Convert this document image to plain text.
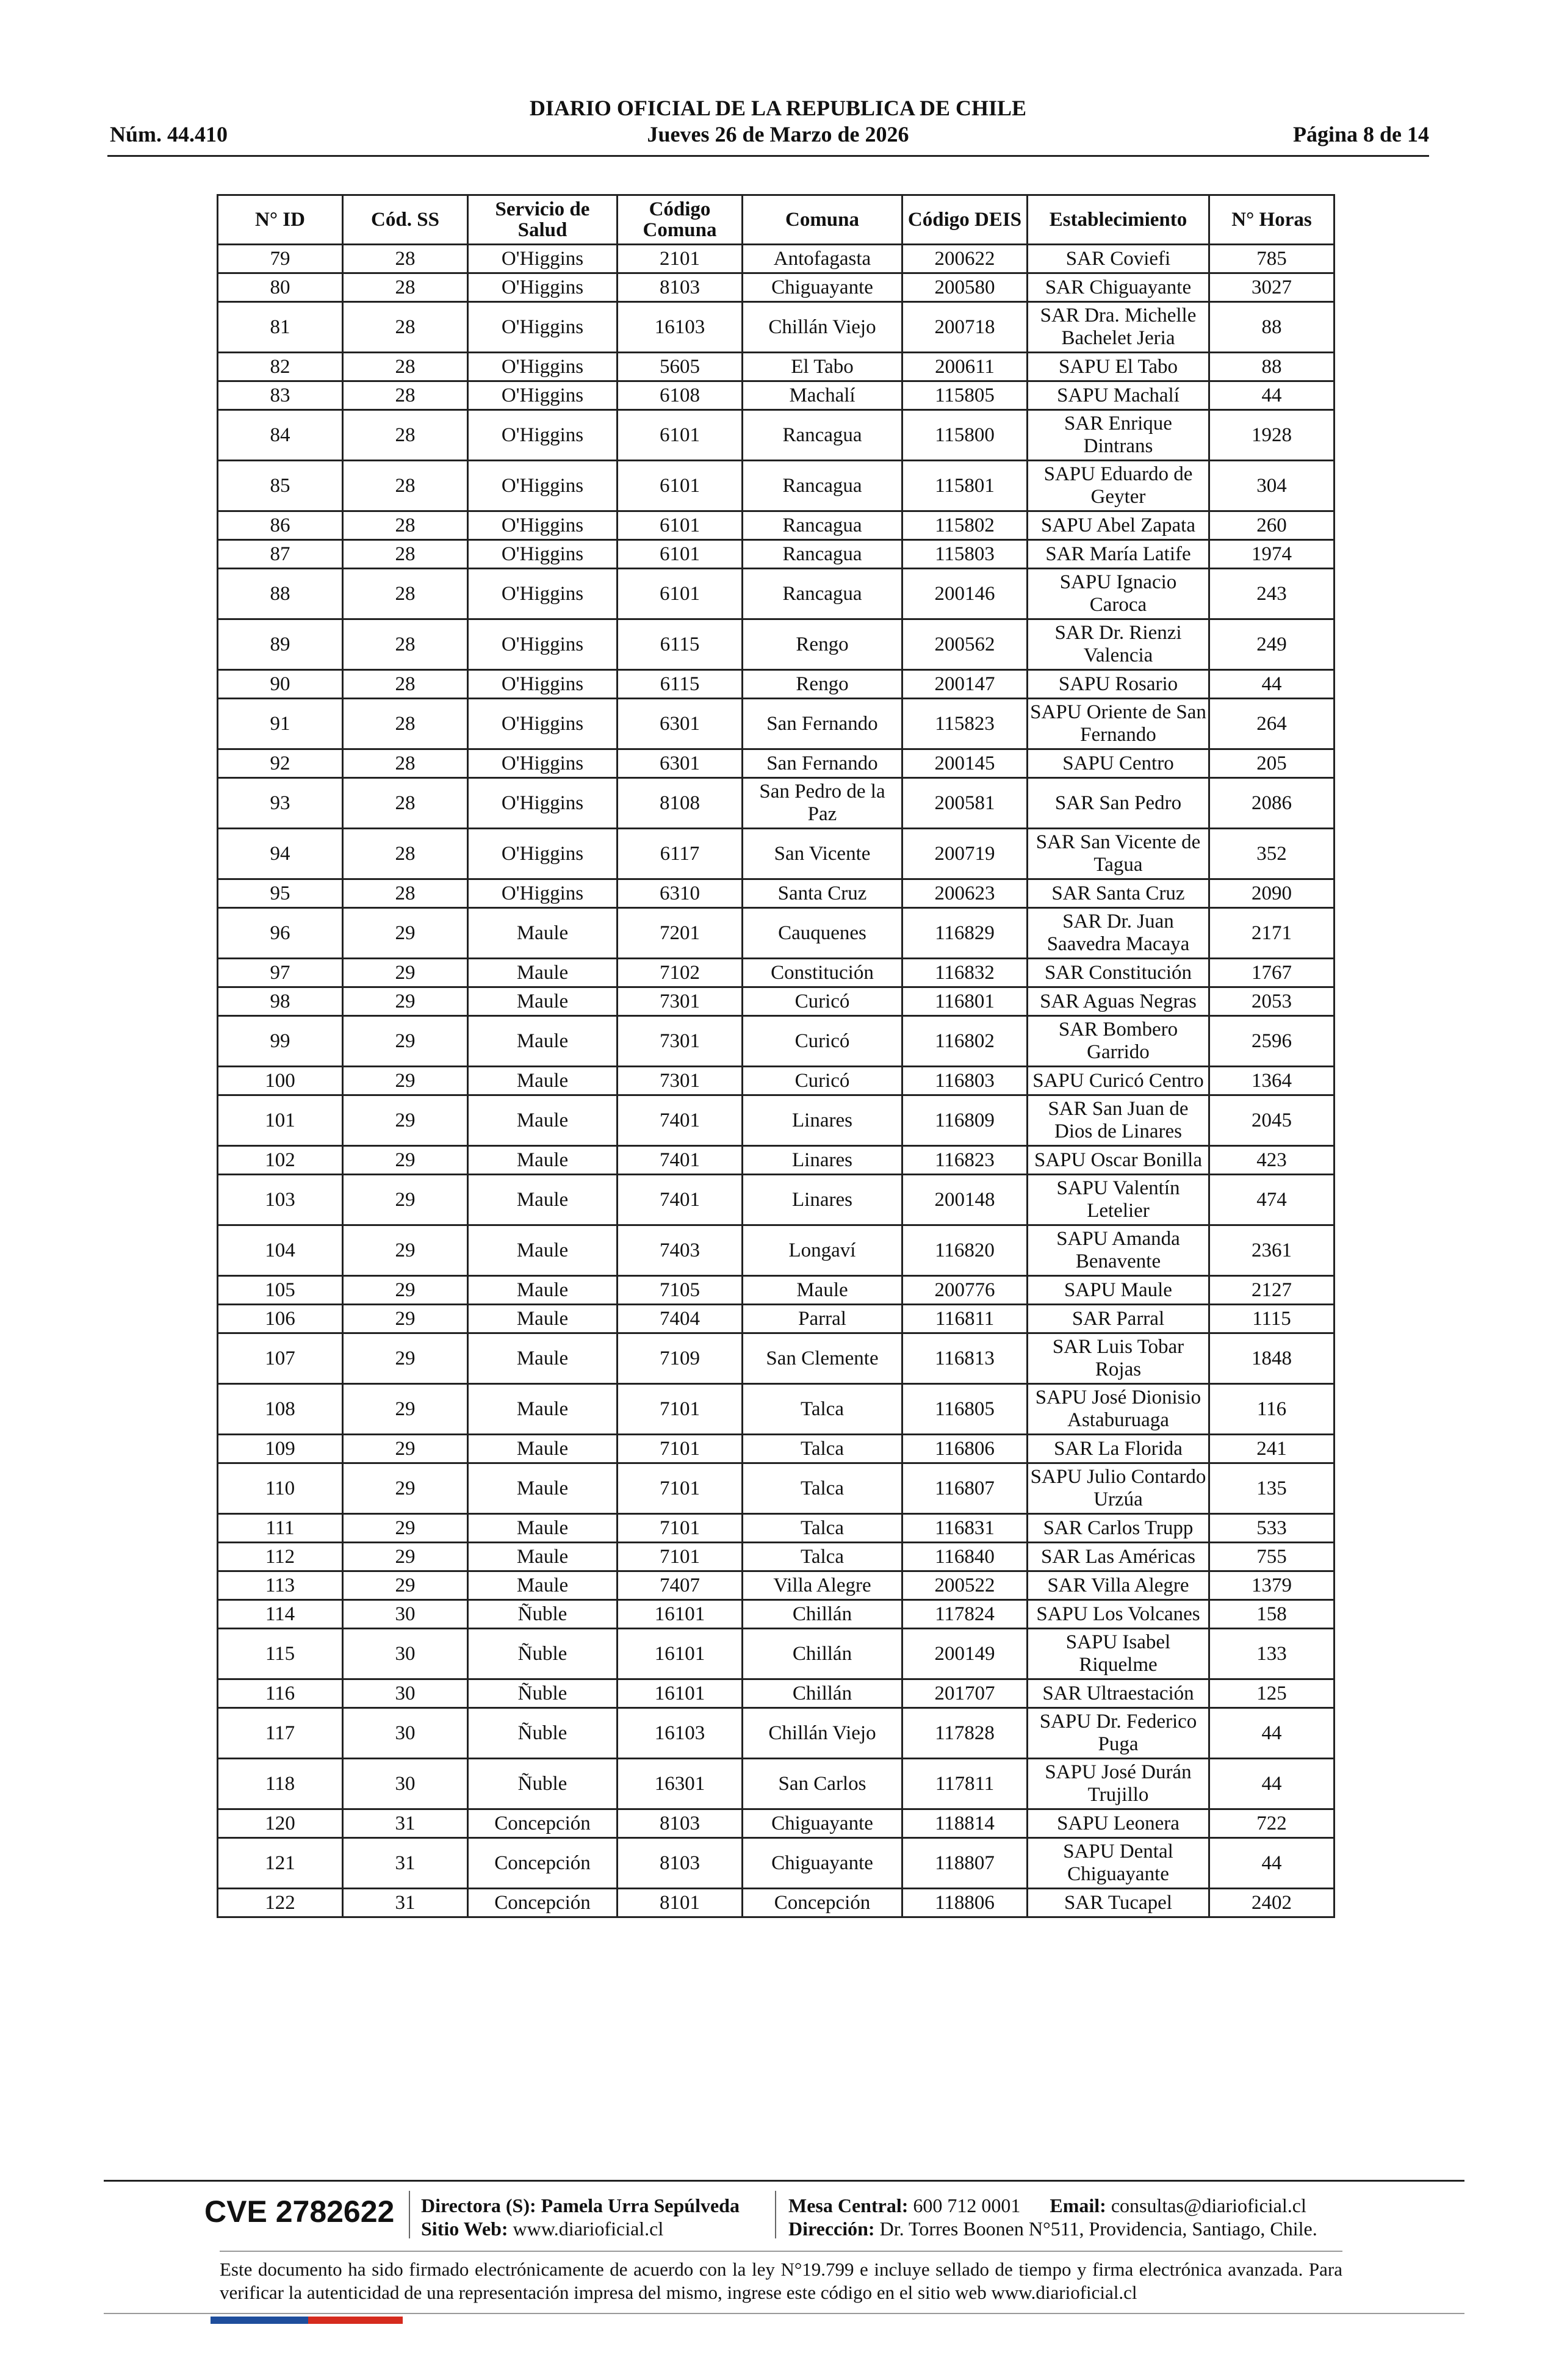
DIARIO OFICIAL DE LA REPUBLICA DE CHILE
Núm. 44.410	Jueves 26 de Marzo de 2026	Página 8 de 14
N° ID	Cód. SS	Servicio de Salud	Código Comuna	Comuna	Código DEIS	Establecimiento	N° Horas
79	28	O'Higgins	2101	Antofagasta	200622	SAR Coviefi	785
80	28	O'Higgins	8103	Chiguayante	200580	SAR Chiguayante	3027
81	28	O'Higgins	16103	Chillán Viejo	200718	SAR Dra. Michelle Bachelet Jeria	88
82	28	O'Higgins	5605	El Tabo	200611	SAPU El Tabo	88
83	28	O'Higgins	6108	Machalí	115805	SAPU Machalí	44
84	28	O'Higgins	6101	Rancagua	115800	SAR Enrique Dintrans	1928
85	28	O'Higgins	6101	Rancagua	115801	SAPU Eduardo de Geyter	304
86	28	O'Higgins	6101	Rancagua	115802	SAPU Abel Zapata	260
87	28	O'Higgins	6101	Rancagua	115803	SAR María Latife	1974
88	28	O'Higgins	6101	Rancagua	200146	SAPU Ignacio Caroca	243
89	28	O'Higgins	6115	Rengo	200562	SAR Dr. Rienzi Valencia	249
90	28	O'Higgins	6115	Rengo	200147	SAPU Rosario	44
91	28	O'Higgins	6301	San Fernando	115823	SAPU Oriente de San Fernando	264
92	28	O'Higgins	6301	San Fernando	200145	SAPU Centro	205
93	28	O'Higgins	8108	San Pedro de la Paz	200581	SAR San Pedro	2086
94	28	O'Higgins	6117	San Vicente	200719	SAR San Vicente de Tagua	352
95	28	O'Higgins	6310	Santa Cruz	200623	SAR Santa Cruz	2090
96	29	Maule	7201	Cauquenes	116829	SAR Dr. Juan Saavedra Macaya	2171
97	29	Maule	7102	Constitución	116832	SAR Constitución	1767
98	29	Maule	7301	Curicó	116801	SAR Aguas Negras	2053
99	29	Maule	7301	Curicó	116802	SAR Bombero Garrido	2596
100	29	Maule	7301	Curicó	116803	SAPU Curicó Centro	1364
101	29	Maule	7401	Linares	116809	SAR San Juan de Dios de Linares	2045
102	29	Maule	7401	Linares	116823	SAPU Oscar Bonilla	423
103	29	Maule	7401	Linares	200148	SAPU Valentín Letelier	474
104	29	Maule	7403	Longaví	116820	SAPU Amanda Benavente	2361
105	29	Maule	7105	Maule	200776	SAPU Maule	2127
106	29	Maule	7404	Parral	116811	SAR Parral	1115
107	29	Maule	7109	San Clemente	116813	SAR Luis Tobar Rojas	1848
108	29	Maule	7101	Talca	116805	SAPU José Dionisio Astaburuaga	116
109	29	Maule	7101	Talca	116806	SAR La Florida	241
110	29	Maule	7101	Talca	116807	SAPU Julio Contardo Urzúa	135
111	29	Maule	7101	Talca	116831	SAR Carlos Trupp	533
112	29	Maule	7101	Talca	116840	SAR Las Américas	755
113	29	Maule	7407	Villa Alegre	200522	SAR Villa Alegre	1379
114	30	Ñuble	16101	Chillán	117824	SAPU Los Volcanes	158
115	30	Ñuble	16101	Chillán	200149	SAPU Isabel Riquelme	133
116	30	Ñuble	16101	Chillán	201707	SAR Ultraestación	125
117	30	Ñuble	16103	Chillán Viejo	117828	SAPU Dr. Federico Puga	44
118	30	Ñuble	16301	San Carlos	117811	SAPU José Durán Trujillo	44
120	31	Concepción	8103	Chiguayante	118814	SAPU Leonera	722
121	31	Concepción	8103	Chiguayante	118807	SAPU Dental Chiguayante	44
122	31	Concepción	8101	Concepción	118806	SAR Tucapel	2402
CVE 2782622 Directora (S): Pamela Urra Sepúlveda
Sitio Web: www.diarioficial.cl
Mesa Central: 600 712 0001 Email: consultas@diarioficial.cl
Dirección: Dr. Torres Boonen N°511, Providencia, Santiago, Chile.
Este documento ha sido firmado electrónicamente de acuerdo con la ley N°19.799 e incluye sellado de tiempo y firma electrónica avanzada. Para verificar la autenticidad de una representación impresa del mismo, ingrese este código en el sitio web www.diarioficial.cl
